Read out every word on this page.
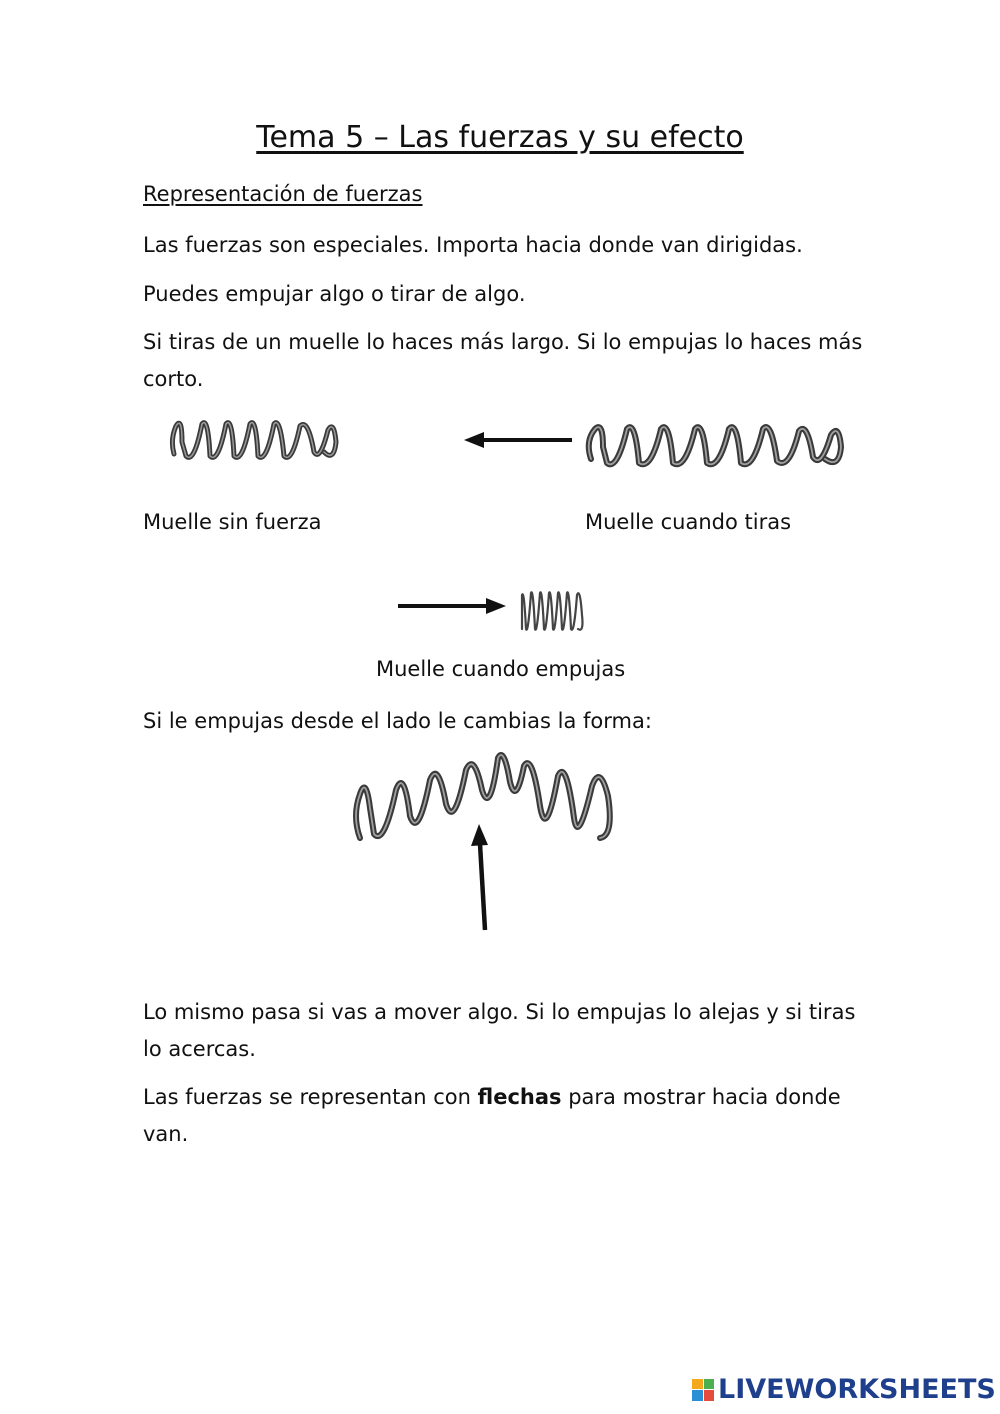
Tema 5 – Las fuerzas y su efecto
Representación de fuerzas
Las fuerzas son especiales. Importa hacia donde van dirigidas.
Puedes empujar algo o tirar de algo.
Si tiras de un muelle lo haces más largo. Si lo empujas lo haces más corto.
Muelle sin fuerza	Muelle cuando tiras
Muelle cuando empujas
Si le empujas desde el lado le cambias la forma:
Lo mismo pasa si vas a mover algo. Si lo empujas lo alejas y si tiras lo acercas.
Las fuerzas se representan con flechas para mostrar hacia donde van.
LIVEWORKSHEETS
